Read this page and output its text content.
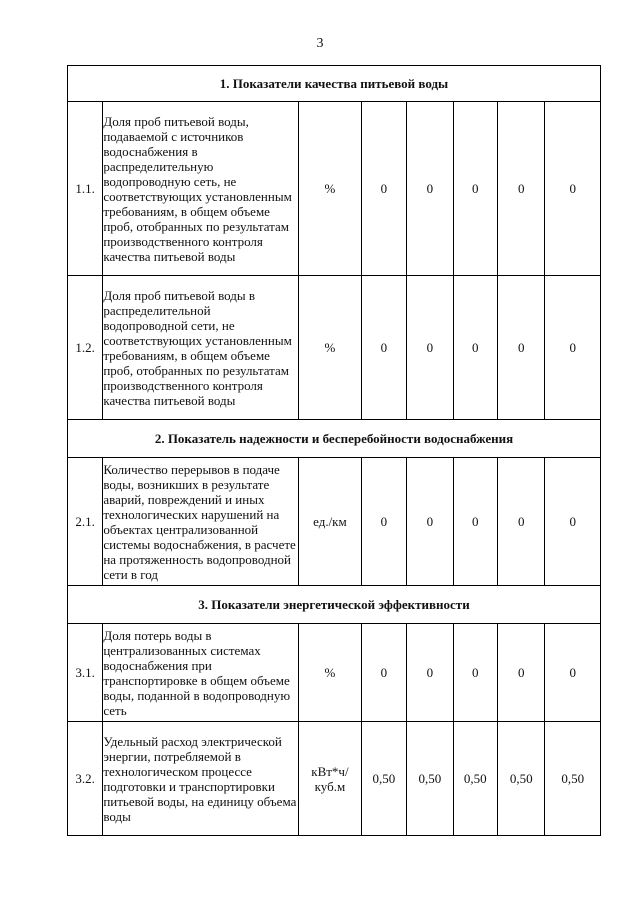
3
1. Показатели качества питьевой воды							
1.1.	Доля проб питьевой воды, подаваемой с источников водоснабжения в распределительную водопроводную сеть, не соответствующих установленным требованиям, в общем объеме проб, отобранных по результатам производственного контроля качества питьевой воды	%	0	0	0	0	0
1.2.	Доля проб питьевой воды в распределительной водопроводной сети, не соответствующих установленным требованиям, в общем объеме проб, отобранных по результатам производственного контроля качества питьевой воды	%	0	0	0	0	0
2. Показатель надежности и бесперебойности водоснабжения							
2.1.	Количество перерывов в подаче воды, возникших в результате аварий, повреждений и иных технологических нарушений на объектах централизованной системы водоснабжения, в расчете на протяженность водопроводной сети в год	ед./км	0	0	0	0	0
3. Показатели энергетической эффективности							
3.1.	Доля потерь воды в централизованных системах водоснабжения при транспортировке в общем объеме воды, поданной в водопроводную сеть	%	0	0	0	0	0
3.2.	Удельный расход электрической энергии, потребляемой в технологическом процессе подготовки и транспортировки питьевой воды, на единицу объема воды	кВт*ч/ куб.м	0,50	0,50	0,50	0,50	0,50
